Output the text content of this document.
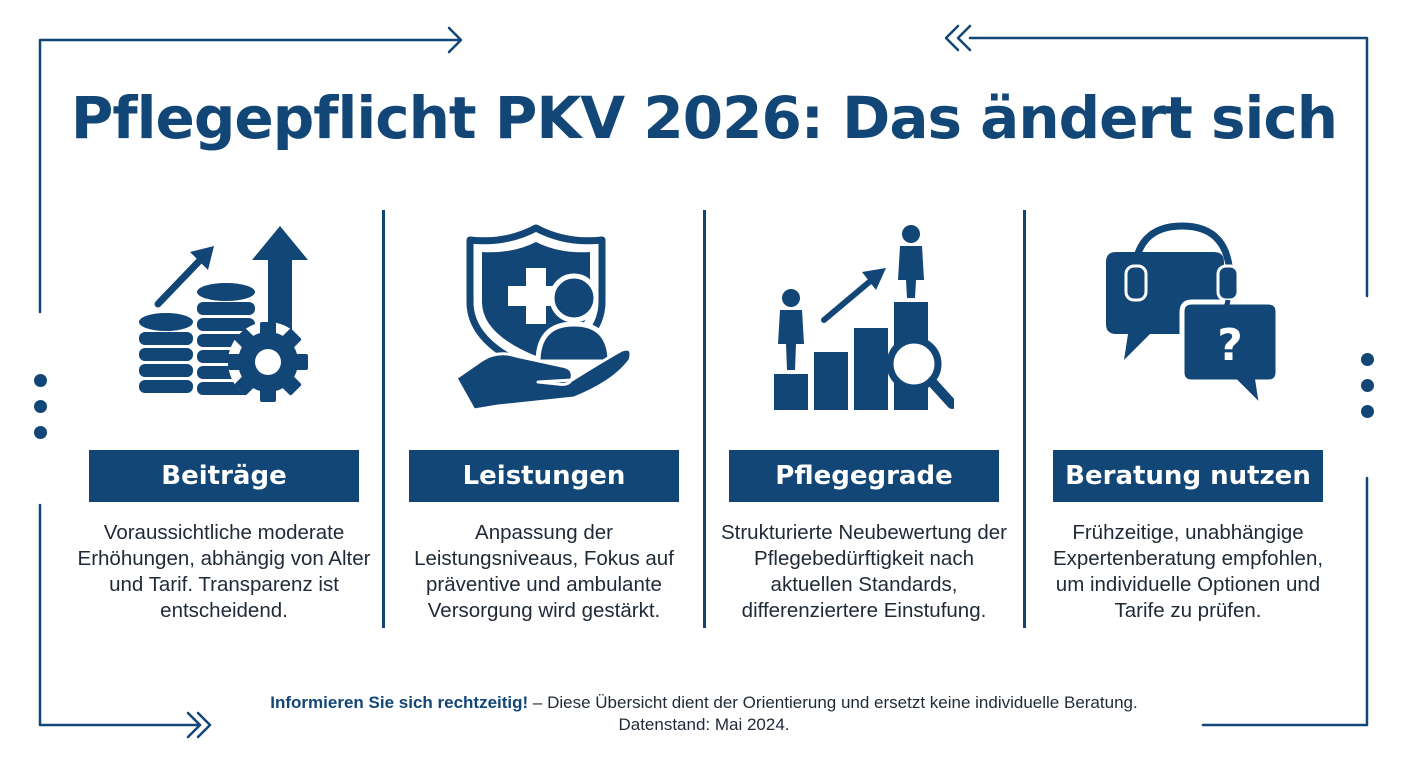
Pflegepflicht PKV 2026: Das ändert sich
Beiträge

Voraussichtliche moderate Erhöhungen, abhängig von Alter und Tarif. Transparenz ist entscheidend.

Leistungen

Anpassung der Leistungsniveaus, Fokus auf präventive und ambulante Versorgung wird gestärkt.

Pflegegrade

Strukturierte Neubewertung der Pflegebedürftigkeit nach aktuellen Standards, differenziertere Einstufung.

?
Beratung nutzen

Frühzeitige, unabhängige Expertenberatung empfohlen, um individuelle Optionen und Tarife zu prüfen.

Informieren Sie sich rechtzeitig! – Diese Übersicht dient der Orientierung und ersetzt keine individuelle Beratung.
Datenstand: Mai 2024.
